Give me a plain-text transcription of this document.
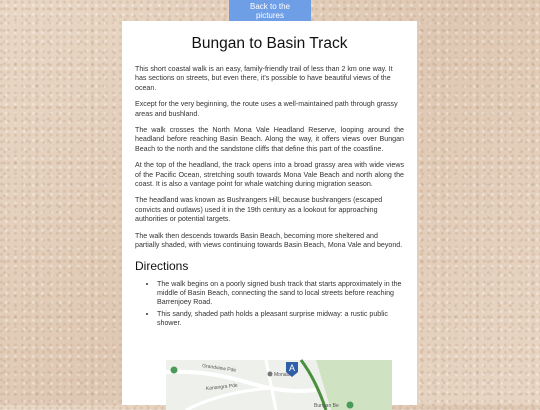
Back to the pictures
Bungan to Basin Track

This short coastal walk is an easy, family-friendly trail of less than 2 km one way. It has sections on streets, but even there, it's possible to have beautiful views of the ocean.

Except for the very beginning, the route uses a well-maintained path through grassy areas and bushland.

The walk crosses the North Mona Vale Headland Reserve, looping around the headland before reaching Basin Beach. Along the way, it offers views over Bungan Beach to the north and the sandstone cliffs that define this part of the coastline.

At the top of the headland, the track opens into a broad grassy area with wide views of the Pacific Ocean, stretching south towards Mona Vale Beach and north along the coast. It is also a vantage point for whale watching during migration season.

The headland was known as Bushrangers Hill, because bushrangers (escaped convicts and outlaws) used it in the 19th century as a lookout for approaching authorities or potential targets.

The walk then descends towards Basin Beach, becoming more sheltered and partially shaded, with views continuing towards Basin Beach, Mona Vale and beyond.

Directions
• The walk begins on a poorly signed bush track that starts approximately in the middle of Basin Beach, connecting the sand to local streets before reaching Barrenjoey Road.
• This sandy, shaded path holds a pleasant surprise midway: a rustic public shower.
A
Grandview Pde
Kanangra Pde
Monash
Bungan Be
